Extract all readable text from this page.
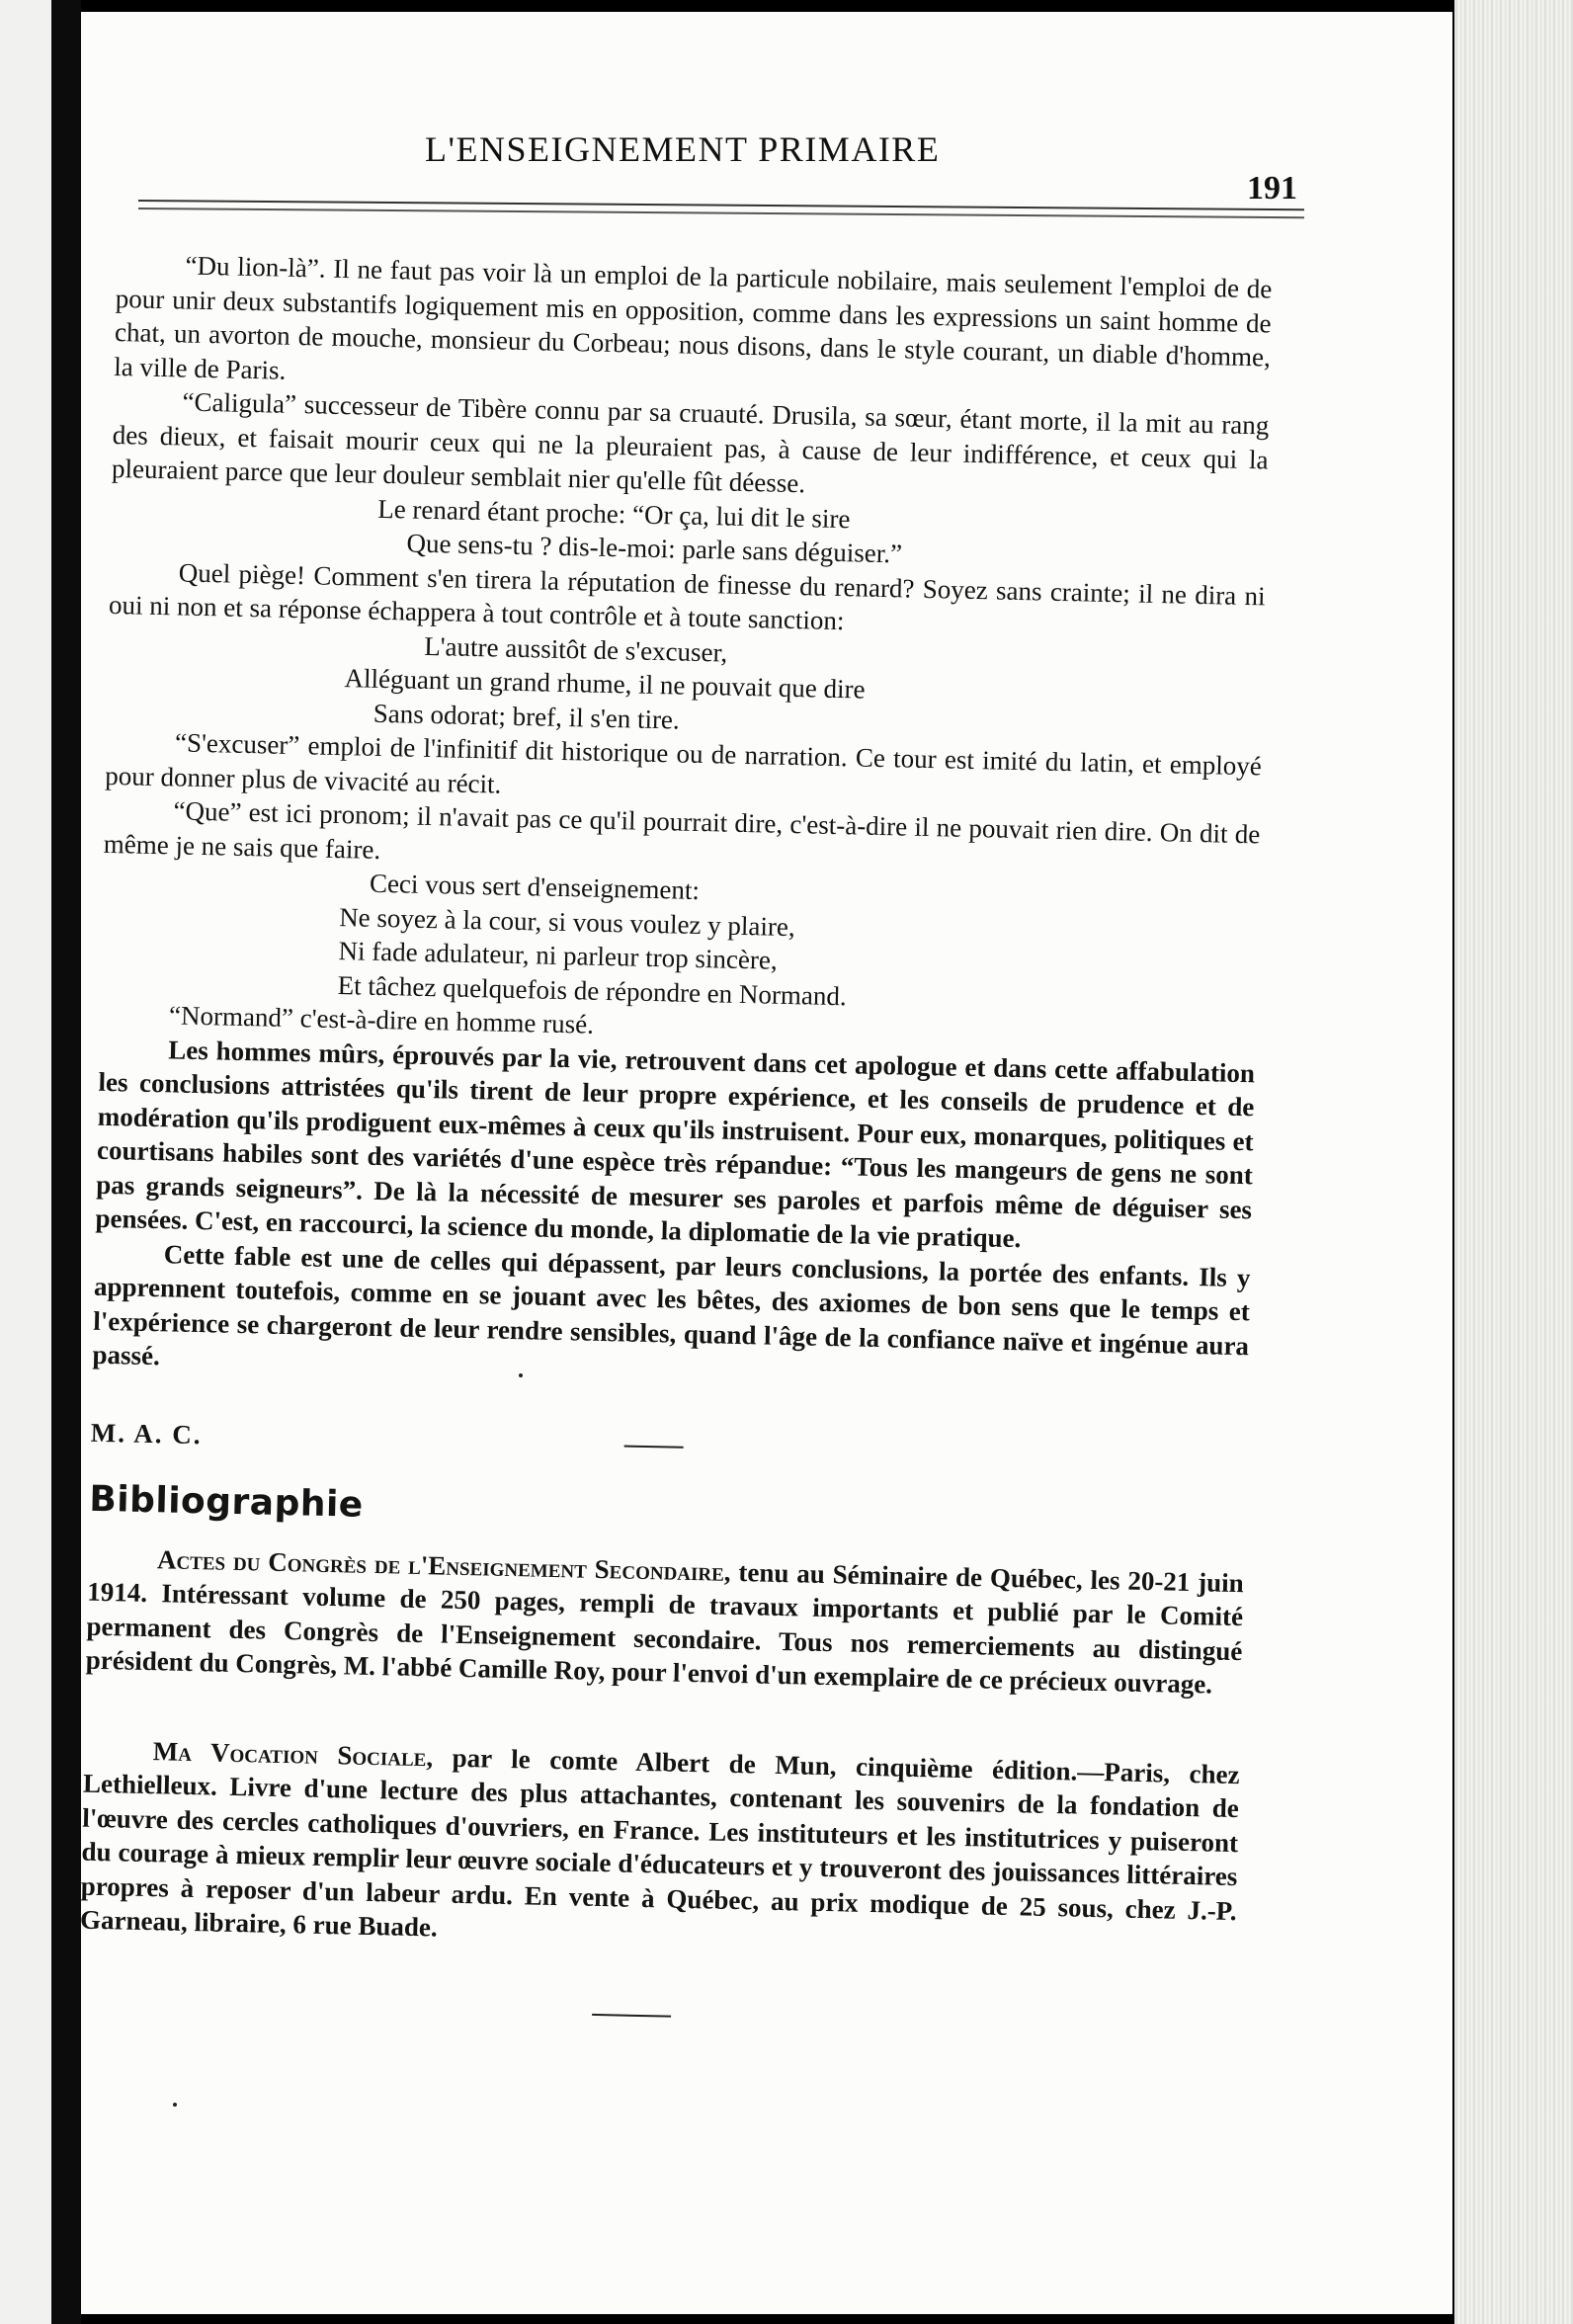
L'ENSEIGNEMENT PRIMAIRE
191

“Du lion-là”. Il ne faut pas voir là un emploi de la particule nobilaire, mais seulement l'emploi de de pour unir deux substantifs logiquement mis en opposition, comme dans les expressions un saint homme de chat, un avorton de mouche, monsieur du Corbeau; nous disons, dans le style courant, un diable d'homme, la ville de Paris.

“Caligula” successeur de Tibère connu par sa cruauté. Drusila, sa sœur, étant morte, il la mit au rang des dieux, et faisait mourir ceux qui ne la pleuraient pas, à cause de leur indifférence, et ceux qui la pleuraient parce que leur douleur semblait nier qu'elle fût déesse.

Le renard étant proche: “Or ça, lui dit le sire

Que sens-tu ? dis-le-moi: parle sans déguiser.”

Quel piège! Comment s'en tirera la réputation de finesse du renard? Soyez sans crainte; il ne dira ni oui ni non et sa réponse échappera à tout contrôle et à toute sanction:

L'autre aussitôt de s'excuser,

Alléguant un grand rhume, il ne pouvait que dire

Sans odorat; bref, il s'en tire.

“S'excuser” emploi de l'infinitif dit historique ou de narration. Ce tour est imité du latin, et employé pour donner plus de vivacité au récit.

“Que” est ici pronom; il n'avait pas ce qu'il pourrait dire, c'est-à-dire il ne pouvait rien dire. On dit de même je ne sais que faire.

Ceci vous sert d'enseignement:

Ne soyez à la cour, si vous voulez y plaire,

Ni fade adulateur, ni parleur trop sincère,

Et tâchez quelquefois de répondre en Normand.

“Normand” c'est-à-dire en homme rusé.

Les hommes mûrs, éprouvés par la vie, retrouvent dans cet apologue et dans cette affabulation les conclusions attristées qu'ils tirent de leur propre expérience, et les conseils de prudence et de modération qu'ils prodiguent eux-mêmes à ceux qu'ils instruisent. Pour eux, monarques, politiques et courtisans habiles sont des variétés d'une espèce très répandue: “Tous les mangeurs de gens ne sont pas grands seigneurs”. De là la nécessité de mesurer ses paroles et parfois même de déguiser ses pensées. C'est, en raccourci, la science du monde, la diplomatie de la vie pratique.

Cette fable est une de celles qui dépassent, par leurs conclusions, la portée des enfants. Ils y apprennent toutefois, comme en se jouant avec les bêtes, des axiomes de bon sens que le temps et l'expérience se chargeront de leur rendre sensibles, quand l'âge de la confiance naïve et ingénue aura passé.

M. A. C.

Bibliographie

Actes du Congrès de l'Enseignement Secondaire, tenu au Séminaire de Québec, les 20-21 juin 1914. Intéressant volume de 250 pages, rempli de travaux importants et publié par le Comité permanent des Congrès de l'Enseignement secondaire. Tous nos remerciements au distingué président du Congrès, M. l'abbé Camille Roy, pour l'envoi d'un exemplaire de ce précieux ouvrage.

Ma Vocation Sociale, par le comte Albert de Mun, cinquième édition.—Paris, chez Lethielleux. Livre d'une lecture des plus attachantes, contenant les souvenirs de la fondation de l'œuvre des cercles catholiques d'ouvriers, en France. Les instituteurs et les institutrices y puiseront du courage à mieux remplir leur œuvre sociale d'éducateurs et y trouveront des jouissances littéraires propres à reposer d'un labeur ardu. En vente à Québec, au prix modique de 25 sous, chez J.-P. Garneau, libraire, 6 rue Buade.
